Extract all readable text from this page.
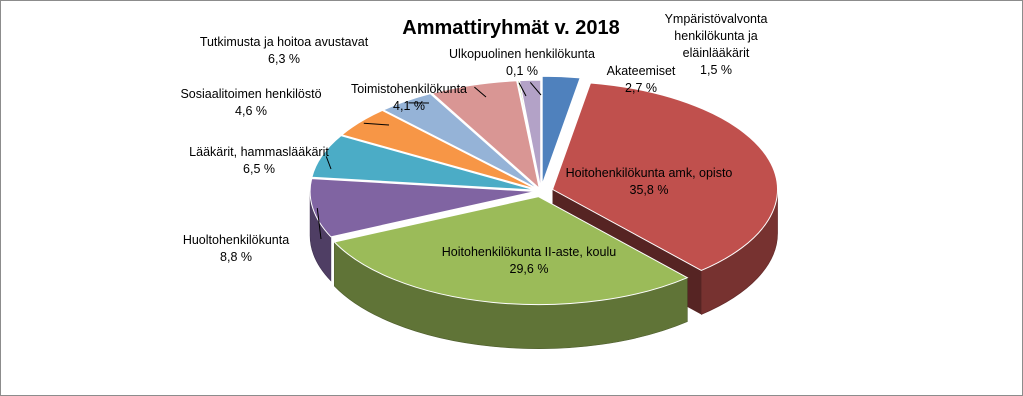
Akateemiset 2,7 %
Hoitohenkilökunta amk, opisto 35,8 %
Hoitohenkilökunta II-aste, koulu 29,6 %
Huoltohenkilökunta 8,8 %
Lääkärit, hammaslääkärit 6,5 %
Sosiaalitoimen henkilöstö 4,6 %
Toimistohenkilökunta 4,1 %
Tutkimusta ja hoitoa avustavat 6,3 %	Ulkopuolinen henkilökunta 0,1 %
Ympäristövalvonta henkilökunta ja eläinlääkärit 1,5 %
Ammattiryhmät v. 2018
